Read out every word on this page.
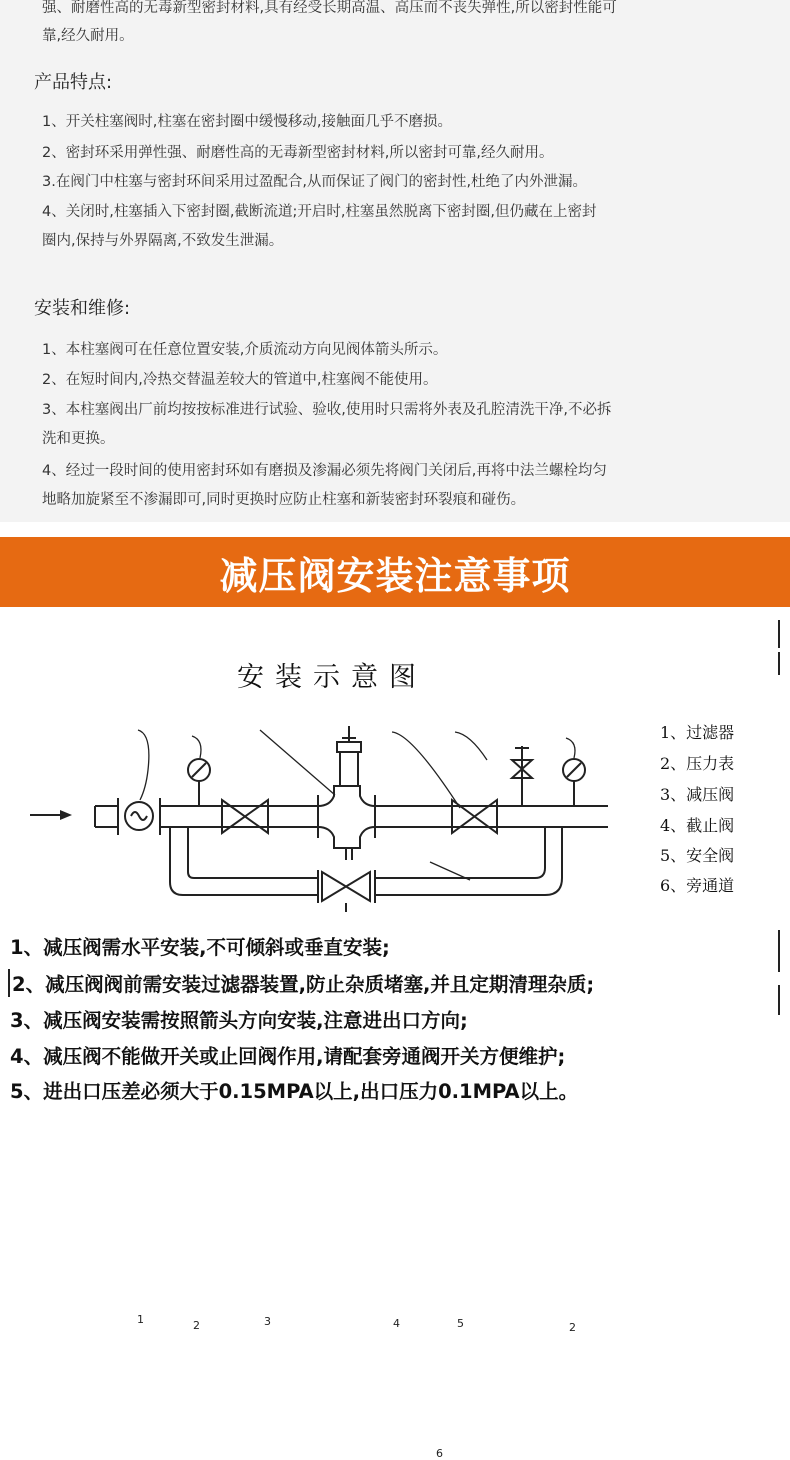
强、耐磨性高的无毒新型密封材料,具有经受长期高温、高压而不丧失弹性,所以密封性能可
靠,经久耐用。
产品特点:
1、开关柱塞阀时,柱塞在密封圈中缓慢移动,接触面几乎不磨损。
2、密封环采用弹性强、耐磨性高的无毒新型密封材料,所以密封可靠,经久耐用。
3.在阀门中柱塞与密封环间采用过盈配合,从而保证了阀门的密封性,杜绝了内外泄漏。
4、关闭时,柱塞插入下密封圈,截断流道;开启时,柱塞虽然脱离下密封圈,但仍藏在上密封
圈内,保持与外界隔离,不致发生泄漏。
安装和维修:
1、本柱塞阀可在任意位置安装,介质流动方向见阀体箭头所示。
2、在短时间内,冷热交替温差较大的管道中,柱塞阀不能使用。
3、本柱塞阀出厂前均按按标准进行试验、验收,使用时只需将外表及孔腔清洗干净,不必拆
洗和更换。
4、经过一段时间的使用密封环如有磨损及渗漏必须先将阀门关闭后,再将中法兰螺栓均匀
地略加旋紧至不渗漏即可,同时更换时应防止柱塞和新装密封环裂痕和碰伤。
减压阀安装注意事项
1	2	3	4	5	2
6
安装示意图
1、过滤器
2、压力表
3、减压阀
4、截止阀
5、安全阀
6、旁通道
1、减压阀需水平安装,不可倾斜或垂直安装;
2、减压阀阀前需安装过滤器装置,防止杂质堵塞,并且定期清理杂质;
3、减压阀安装需按照箭头方向安装,注意进出口方向;
4、减压阀不能做开关或止回阀作用,请配套旁通阀开关方便维护;
5、进出口压差必须大于0.15MPA以上,出口压力0.1MPA以上。
